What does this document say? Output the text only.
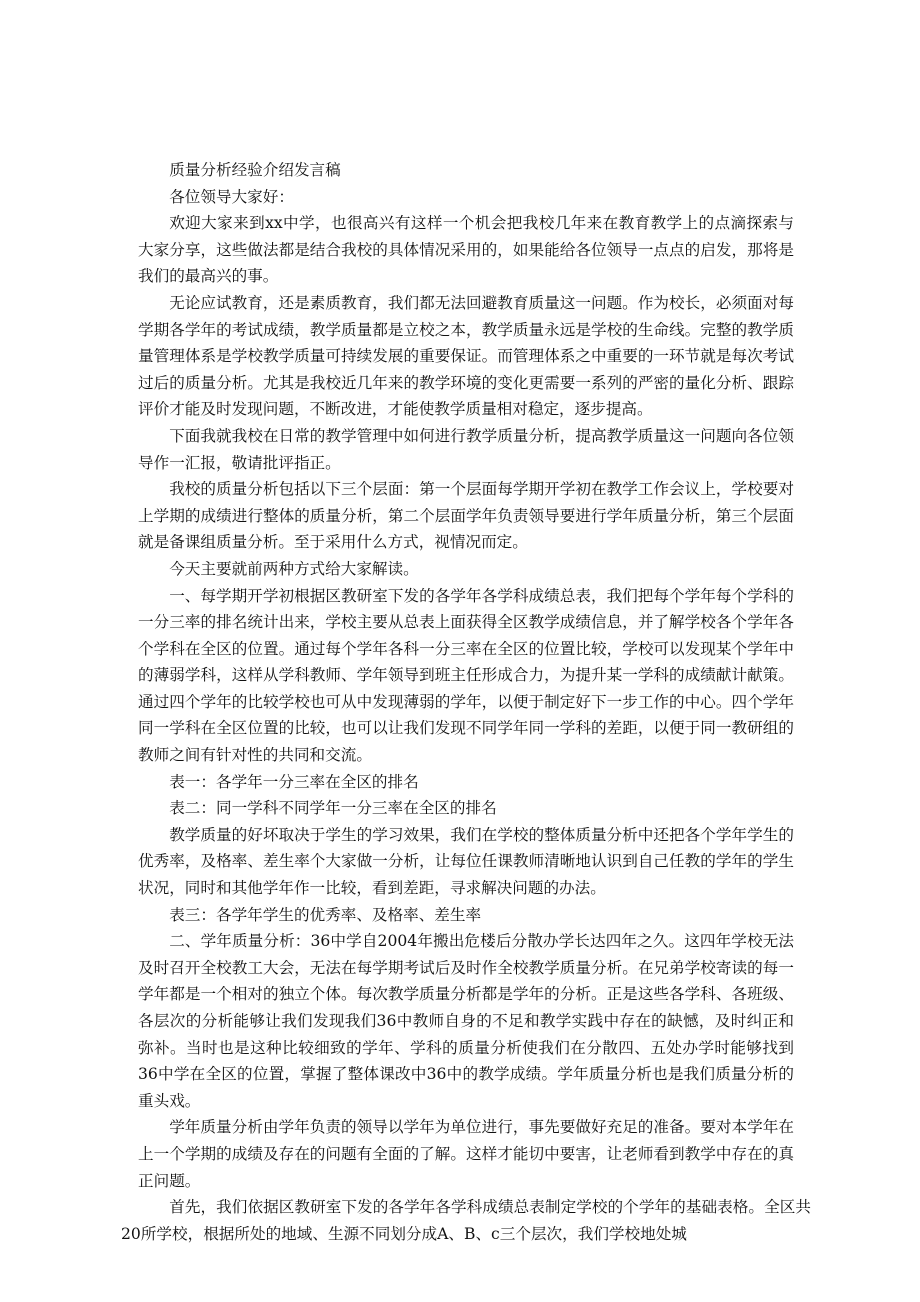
质量分析经验介绍发言稿

各位领导大家好：

欢迎大家来到xx中学，也很高兴有这样一个机会把我校几年来在教育教学上的点滴探索与大家分享，这些做法都是结合我校的具体情况采用的，如果能给各位领导一点点的启发，那将是我们的最高兴的事。

无论应试教育，还是素质教育，我们都无法回避教育质量这一问题。作为校长，必须面对每学期各学年的考试成绩，教学质量都是立校之本，教学质量永远是学校的生命线。完整的教学质量管理体系是学校教学质量可持续发展的重要保证。而管理体系之中重要的一环节就是每次考试过后的质量分析。尤其是我校近几年来的教学环境的变化更需要一系列的严密的量化分析、跟踪评价才能及时发现问题，不断改进，才能使教学质量相对稳定，逐步提高。

下面我就我校在日常的教学管理中如何进行教学质量分析，提高教学质量这一问题向各位领导作一汇报，敬请批评指正。

我校的质量分析包括以下三个层面：第一个层面每学期开学初在教学工作会议上，学校要对上学期的成绩进行整体的质量分析，第二个层面学年负责领导要进行学年质量分析，第三个层面就是备课组质量分析。至于采用什么方式，视情况而定。

今天主要就前两种方式给大家解读。

一、每学期开学初根据区教研室下发的各学年各学科成绩总表，我们把每个学年每个学科的一分三率的排名统计出来，学校主要从总表上面获得全区教学成绩信息，并了解学校各个学年各个学科在全区的位置。通过每个学年各科一分三率在全区的位置比较，学校可以发现某个学年中的薄弱学科，这样从学科教师、学年领导到班主任形成合力，为提升某一学科的成绩献计献策。通过四个学年的比较学校也可从中发现薄弱的学年，以便于制定好下一步工作的中心。四个学年同一学科在全区位置的比较，也可以让我们发现不同学年同一学科的差距，以便于同一教研组的教师之间有针对性的共同和交流。

表一：各学年一分三率在全区的排名

表二：同一学科不同学年一分三率在全区的排名

教学质量的好坏取决于学生的学习效果，我们在学校的整体质量分析中还把各个学年学生的优秀率，及格率、差生率个大家做一分析，让每位任课教师清晰地认识到自己任教的学年的学生状况，同时和其他学年作一比较，看到差距，寻求解决问题的办法。

表三：各学年学生的优秀率、及格率、差生率

二、学年质量分析：36中学自2004年搬出危楼后分散办学长达四年之久。这四年学校无法及时召开全校教工大会，无法在每学期考试后及时作全校教学质量分析。在兄弟学校寄读的每一学年都是一个相对的独立个体。每次教学质量分析都是学年的分析。正是这些各学科、各班级、各层次的分析能够让我们发现我们36中教师自身的不足和教学实践中存在的缺憾，及时纠正和弥补。当时也是这种比较细致的学年、学科的质量分析使我们在分散四、五处办学时能够找到36中学在全区的位置，掌握了整体课改中36中的教学成绩。学年质量分析也是我们质量分析的重头戏。

学年质量分析由学年负责的领导以学年为单位进行，事先要做好充足的准备。要对本学年在上一个学期的成绩及存在的问题有全面的了解。这样才能切中要害，让老师看到教学中存在的真正问题。

首先，我们依据区教研室下发的各学年各学科成绩总表制定学校的个学年的基础表格。全区共20所学校，根据所处的地域、生源不同划分成A、B、c三个层次，我们学校地处城
